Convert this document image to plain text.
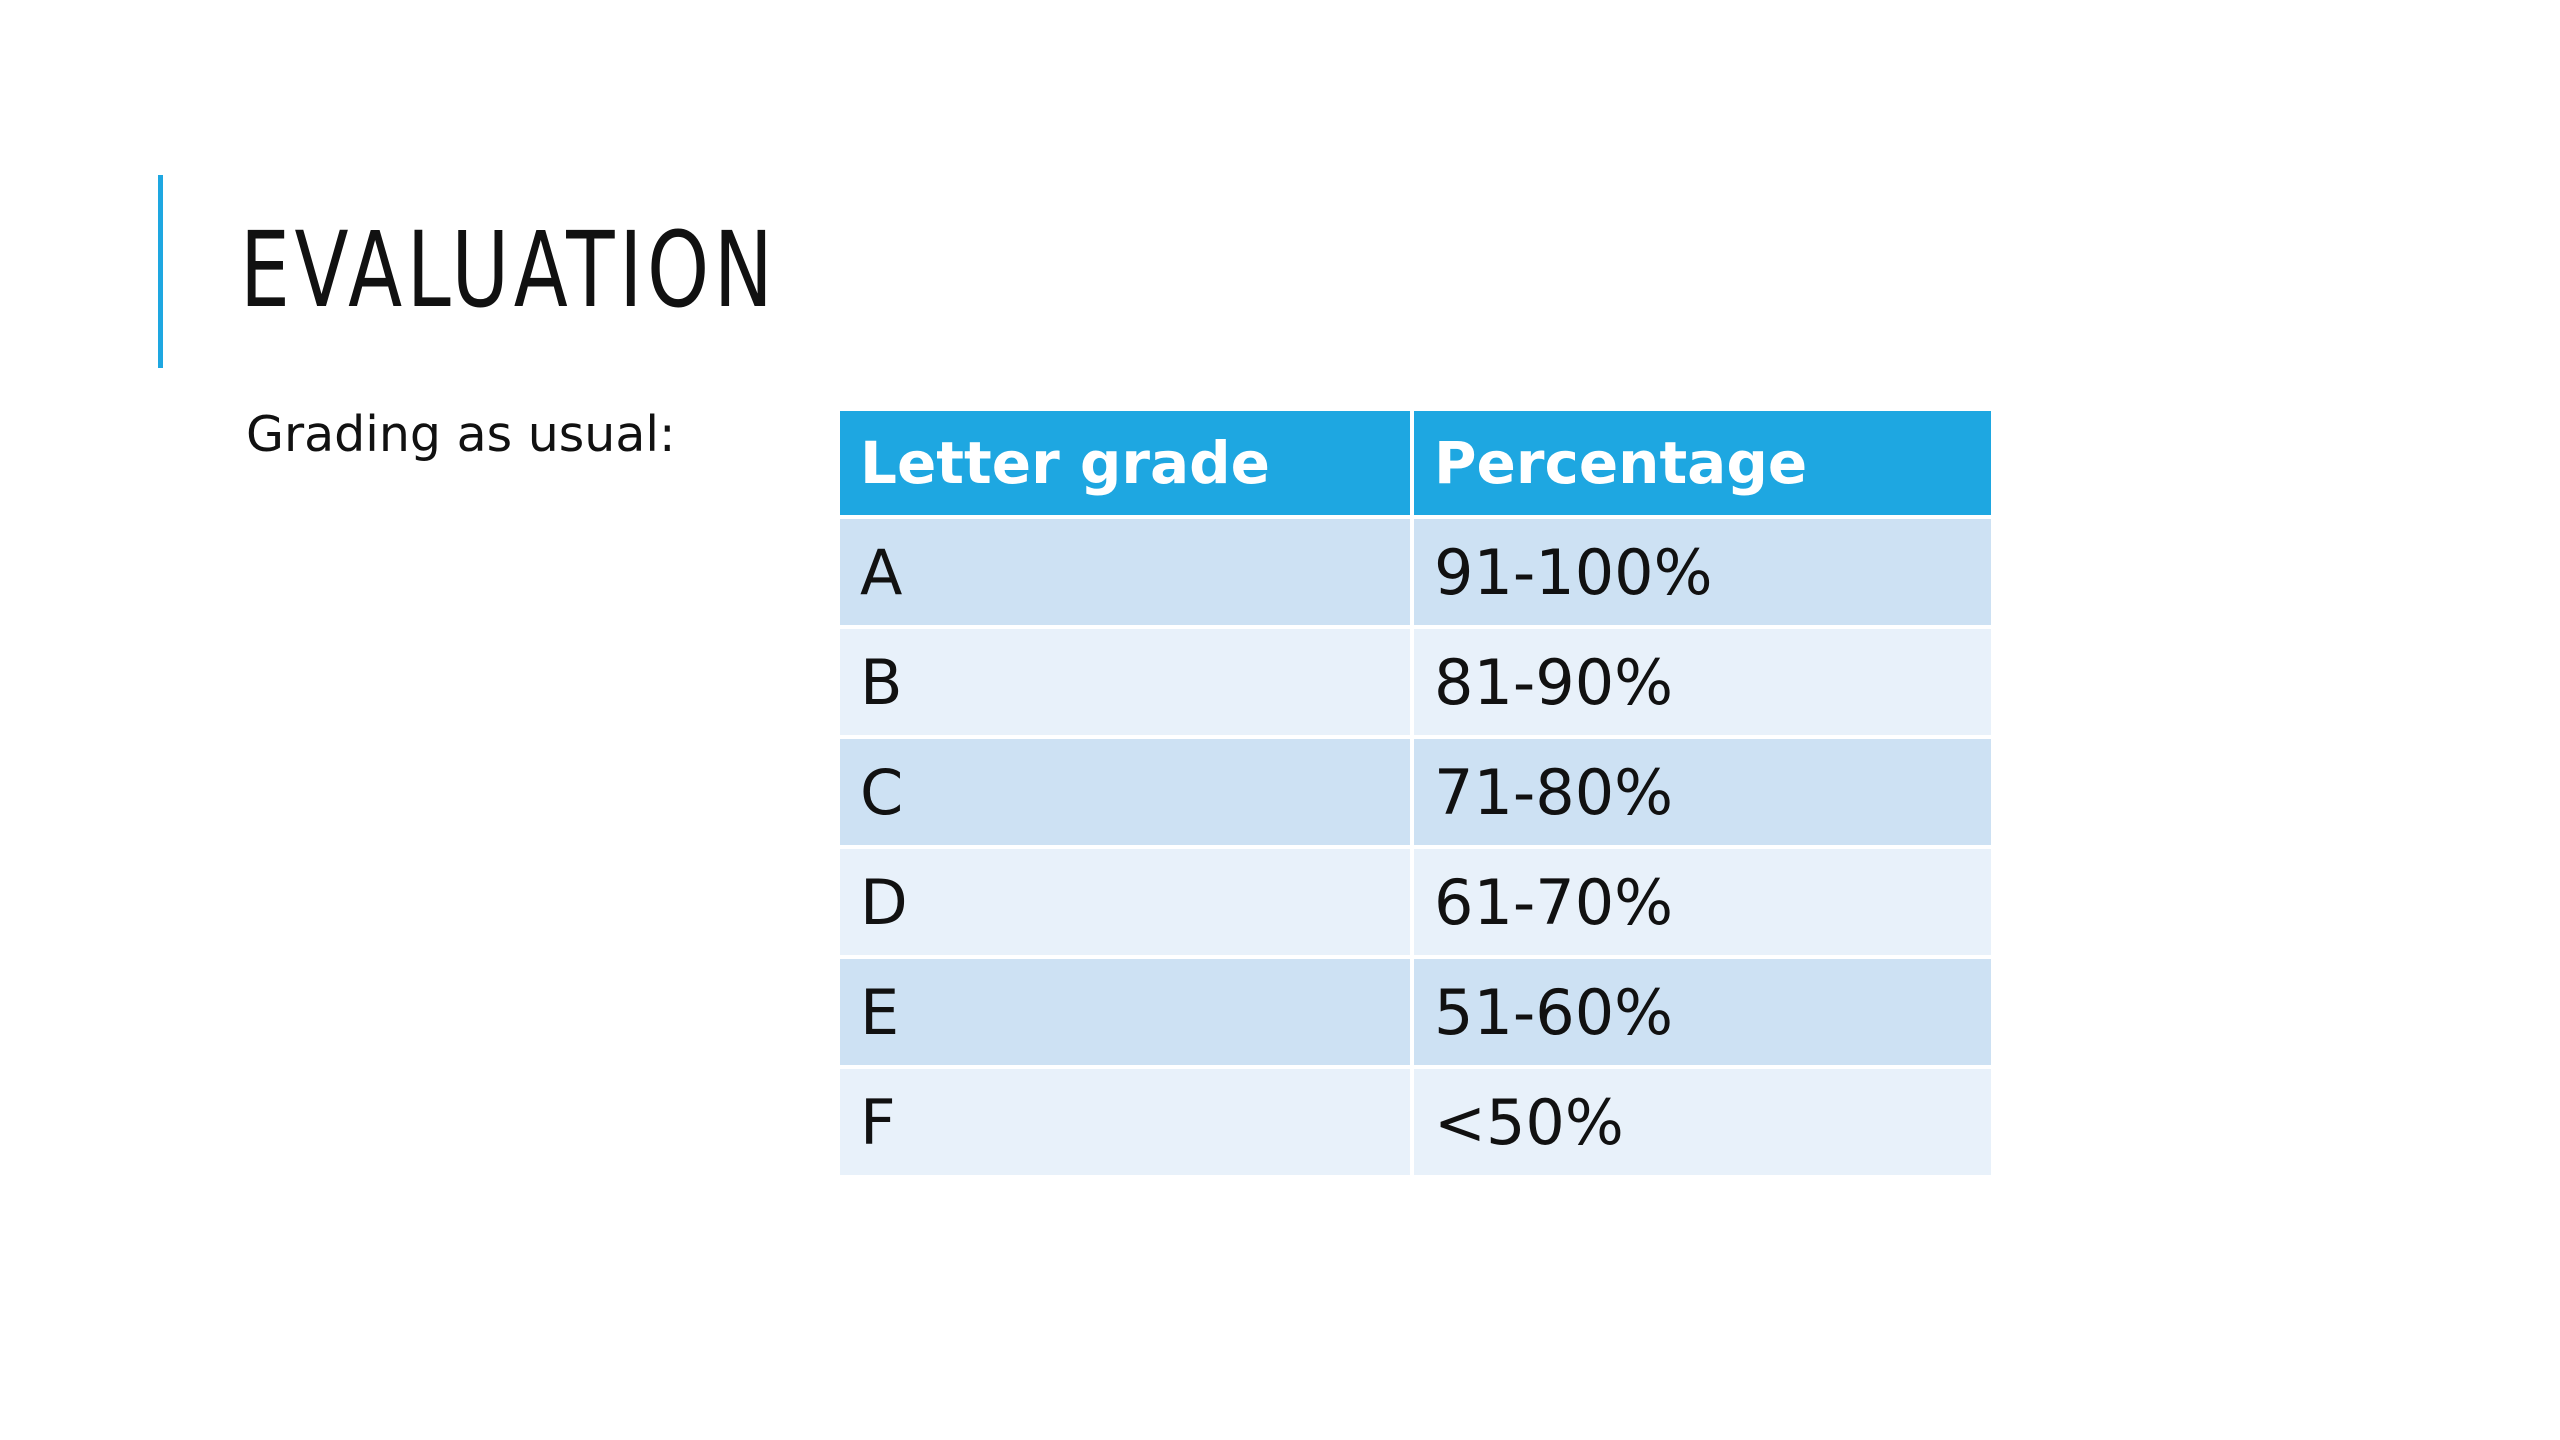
EVALUATION

Grading as usual:	Letter grade	Percentage
A	91-100%
B	81-90%
C	71-80%
D	61-70%
E	51-60%
F	<50%
